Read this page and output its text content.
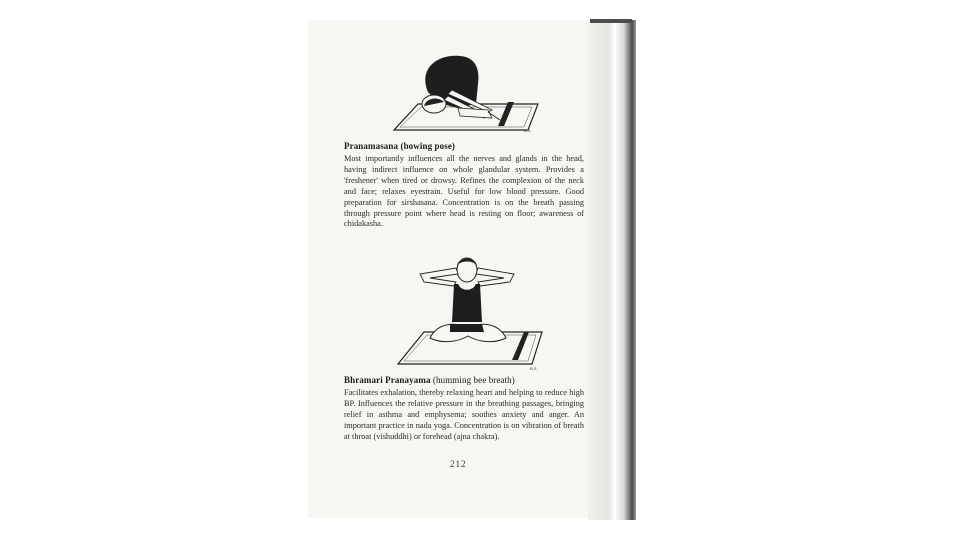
B.S.
Pranamasana (bowing pose)
Most importantly influences all the nerves and glands in the head, having indirect influence on whole glandular system. Provides a 'freshener' when tired or drowsy. Refines the complexion of the neck and face; relaxes eyestrain. Useful for low blood pressure. Good preparation for sirshasana. Concentration is on the breath passing through pressure point where head is resting on floor; awareness of chidakasha.
B.S.
Bhramari Pranayama (humming bee breath)
Facilitates exhalation, thereby relaxing heart and helping to reduce high BP. Influences the relative pressure in the breathing passages, bringing relief in asthma and emphysema; soothes anxiety and anger. An important practice in nada yoga. Concentration is on vibration of breath at throat (vishuddhi) or forehead (ajna chakra).
212
